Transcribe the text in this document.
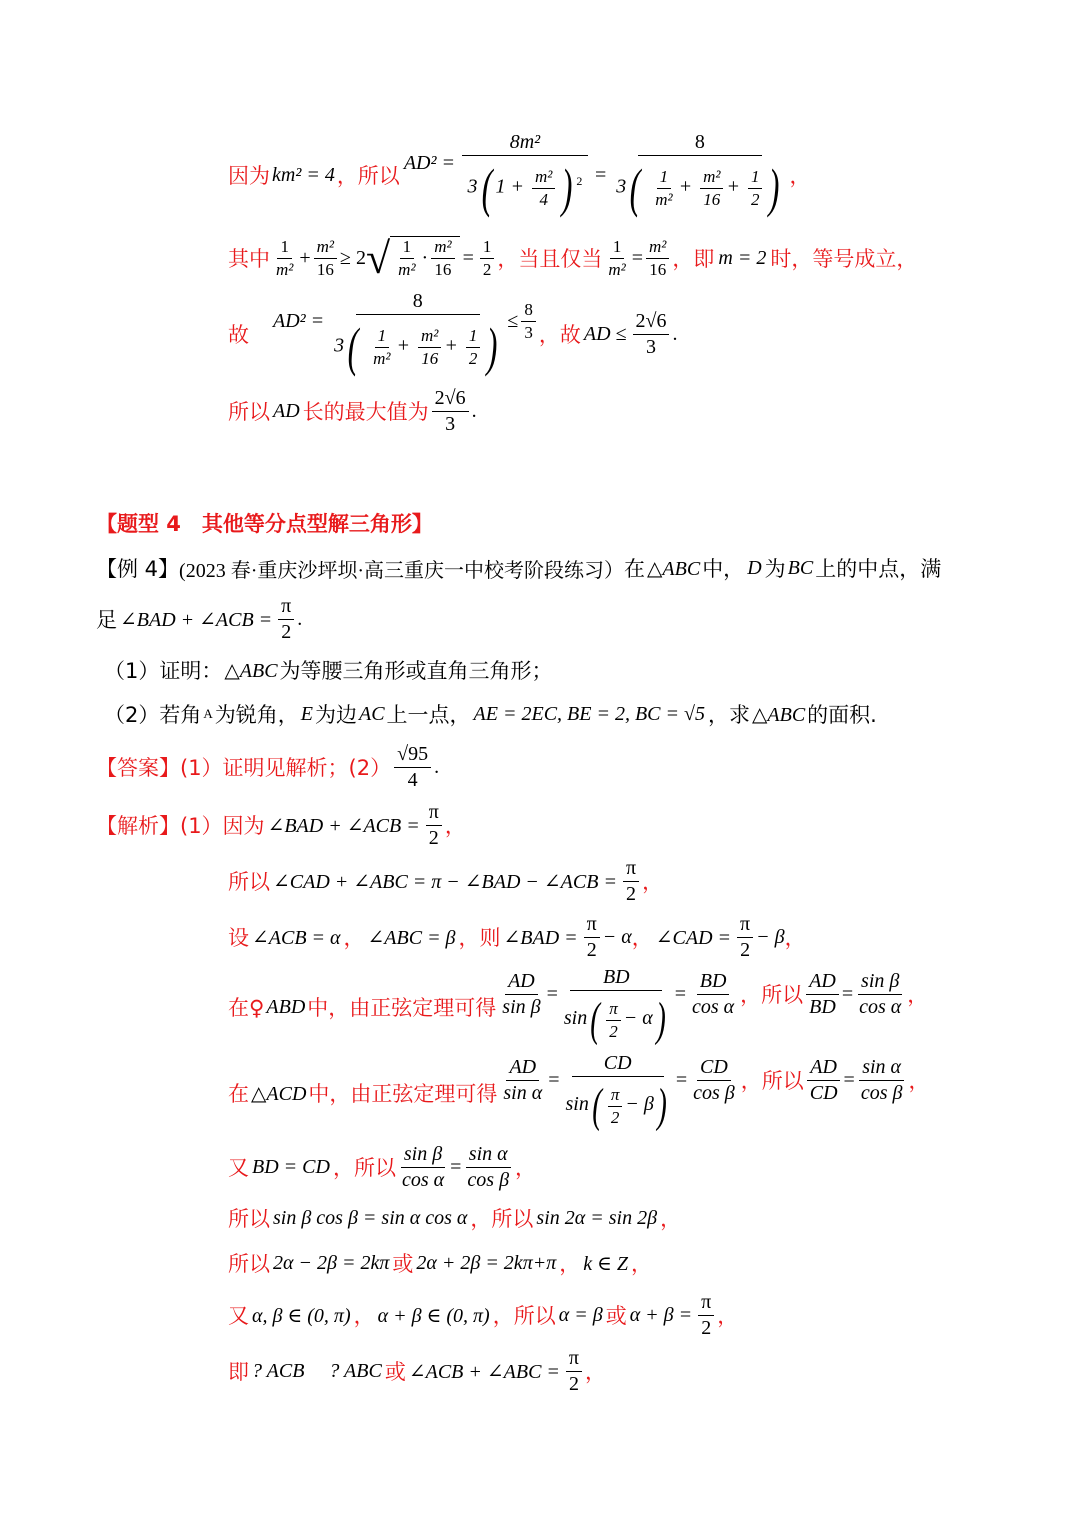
因为 km² = 4 ，所以
$AD^2 = \frac{\text{8m²}}{3( 1 + \frac{\text{m²}}{4} ) ^2} = \frac{8}{3( \frac{1}{\text{m²}} + \frac{\text{m²}}{16} + \frac{1}{2} )}$ ，
其中 $\frac{1}{\text{m²}} + \frac{\text{m²}}{16} \ge 2$ √ $\frac{1}{\text{m²}} \cdot \frac{\text{m²}}{16} = \frac{1}{2}$ ， 当且仅当 $\frac{1}{\text{m²}} = \frac{\text{m²}}{16}$ ，即 m = 2 时，等号成立，
故
$AD^2 = \frac{8}{3( \frac{1}{\text{m²}} + \frac{\text{m²}}{16} + \frac{1}{2} )} \le \frac{8}{3}$ ，故 AD ≤ $\frac{2√6}{3}$ .
所以 AD 长的最大值为 $\frac{2√6}{3}$ .
【题型 4　其他等分点型解三角形】
【例 4】 (2023 春·重庆沙坪坝·高三重庆一中校考阶段练习） 在 △ABC 中， D 为 BC 上的中点，满
足 ∠BAD + ∠ACB = $\frac{\pi}{2}$ .
（1）证明： △ABC 为等腰三角形或直角三角形；
（2）若角 A 为锐角， E 为边 AC 上一点， AE = 2EC, BE = 2, BC = √5 ，求 △ABC 的面积.
【答案】(1）证明见解析；$(2) \frac{√95}{4}$ .
【解析】(1）因为 ∠BAD + ∠ACB = $\frac{\pi}{2}$ ，
所以 ∠CAD + ∠ABC = π − ∠BAD − ∠ACB = $\frac{\pi}{2}$ ，
设 ∠ACB = α ， ∠ABC = β ，则 ∠BAD = $\frac{\pi}{2} - \alpha$ ， ∠CAD = $\frac{\pi}{2} - \beta$ ，
在♀ ABD 中，由正弦定理可得 $\frac{AD}{\text{sin β}} = \frac{BD}{\sin( \frac{\pi}{2} - \alpha)} = \frac{BD}{\text{cos α}}$ ，所以 $\frac{AD}{BD} = \frac{\text{sin β}}{\text{cos α}}$ ，
在 △ACD 中，由正弦定理可得 $\frac{AD}{\text{sin α}} = \frac{CD}{\sin( \frac{\pi}{2} - \beta)} = \frac{CD}{\text{cos β}}$ ，所以 $\frac{AD}{CD} = \frac{\text{sin α}}{\text{cos β}}$ ，
又 BD = CD ，所以 $\frac{\text{sin β}}{\text{cos α}} = \frac{\text{sin α}}{\text{cos β}}$ ，
所以 sin β cos β = sin α cos α ，所以 sin 2α = sin 2β ，
所以 2α − 2β = 2kπ 或 2α + 2β = 2kπ+π ， k ∈ Z ，
又 α, β ∈ (0, π) ， α + β ∈ (0, π) ，所以 α = β 或 $\alpha + \beta = \frac{\pi}{2}$ ，
即 ? ACB ? ABC 或 ∠ACB + ∠ABC = $\frac{\pi}{2}$ ，
